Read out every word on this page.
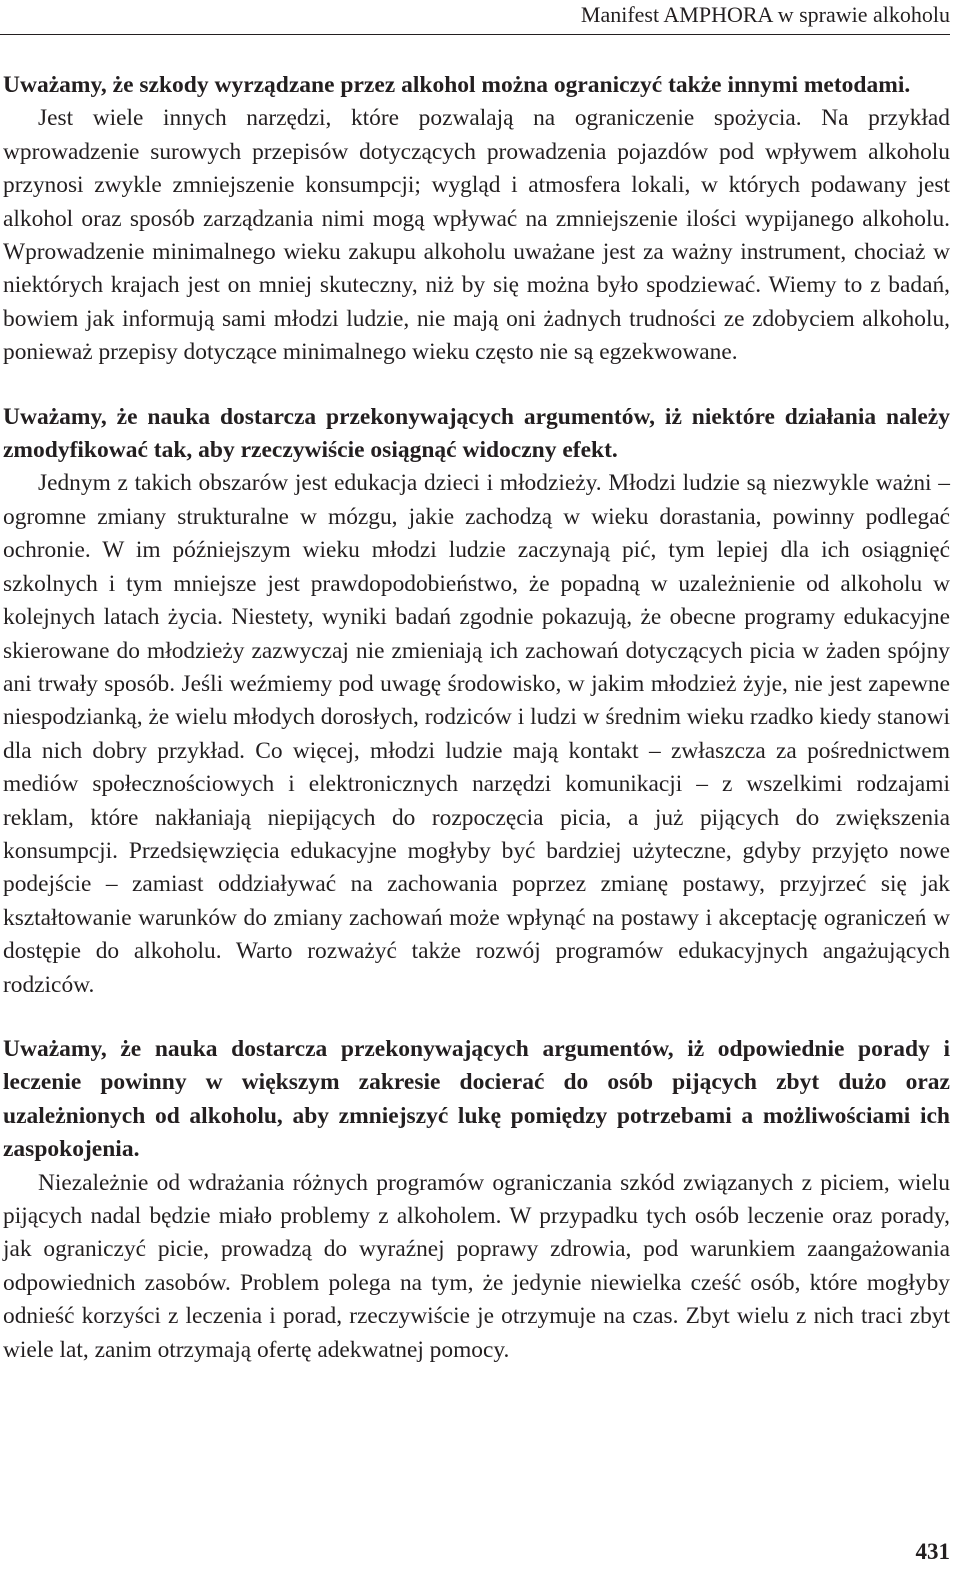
Manifest AMPHORA w sprawie alkoholu

Uważamy, że szkody wyrządzane przez alkohol można ograniczyć także innymi metodami.

Jest wiele innych narzędzi, które pozwalają na ograniczenie spożycia. Na przykład wprowadzenie surowych przepisów dotyczących prowadzenia pojazdów pod wpływem alkoholu przynosi zwykle zmniejszenie konsumpcji; wygląd i atmosfera lokali, w których podawany jest alkohol oraz sposób zarządzania nimi mogą wpływać na zmniejszenie ilości wypijanego alkoholu. Wprowadzenie minimalnego wieku zakupu alkoholu uważane jest za ważny instrument, chociaż w niektórych krajach jest on mniej skuteczny, niż by się można było spodziewać. Wiemy to z badań, bowiem jak informują sami młodzi ludzie, nie mają oni żadnych trudności ze zdobyciem alkoholu, ponieważ przepisy dotyczące minimalnego wieku często nie są egzekwowane.

Uważamy, że nauka dostarcza przekonywających argumentów, iż niektóre działania należy zmodyfikować tak, aby rzeczywiście osiągnąć widoczny efekt.

Jednym z takich obszarów jest edukacja dzieci i młodzieży. Młodzi ludzie są niezwykle ważni – ogromne zmiany strukturalne w mózgu, jakie zachodzą w wieku dorastania, powinny podlegać ochronie. W im późniejszym wieku młodzi ludzie zaczynają pić, tym lepiej dla ich osiągnięć szkolnych i tym mniejsze jest prawdopodobieństwo, że popadną w uzależnienie od alkoholu w kolejnych latach życia. Niestety, wyniki badań zgodnie pokazują, że obecne programy edukacyjne skierowane do młodzieży zazwyczaj nie zmieniają ich zachowań dotyczących picia w żaden spójny ani trwały sposób. Jeśli weźmiemy pod uwagę środowisko, w jakim młodzież żyje, nie jest zapewne niespodzianką, że wielu młodych dorosłych, rodziców i ludzi w średnim wieku rzadko kiedy stanowi dla nich dobry przykład. Co więcej, młodzi ludzie mają kontakt – zwłaszcza za pośrednictwem mediów społecznościowych i elektronicznych narzędzi komunikacji – z wszelkimi rodzajami reklam, które nakłaniają niepijących do rozpoczęcia picia, a już pijących do zwiększenia konsumpcji. Przedsięwzięcia edukacyjne mogłyby być bardziej użyteczne, gdyby przyjęto nowe podejście – zamiast oddziaływać na zachowania poprzez zmianę postawy, przyjrzeć się jak kształtowanie warunków do zmiany zachowań może wpłynąć na postawy i akceptację ograniczeń w dostępie do alkoholu. Warto rozważyć także rozwój programów edukacyjnych angażujących rodziców.

Uważamy, że nauka dostarcza przekonywających argumentów, iż odpowiednie porady i leczenie powinny w większym zakresie docierać do osób pijących zbyt dużo oraz uzależnionych od alkoholu, aby zmniejszyć lukę pomiędzy potrzebami a możliwościami ich zaspokojenia.

Niezależnie od wdrażania różnych programów ograniczania szkód związanych z piciem, wielu pijących nadal będzie miało problemy z alkoholem. W przypadku tych osób leczenie oraz porady, jak ograniczyć picie, prowadzą do wyraźnej poprawy zdrowia, pod warunkiem zaangażowania odpowiednich zasobów. Problem polega na tym, że jedynie niewielka cześć osób, które mogłyby odnieść korzyści z leczenia i porad, rzeczywiście je otrzymuje na czas. Zbyt wielu z nich traci zbyt wiele lat, zanim otrzymają ofertę adekwatnej pomocy.

431
